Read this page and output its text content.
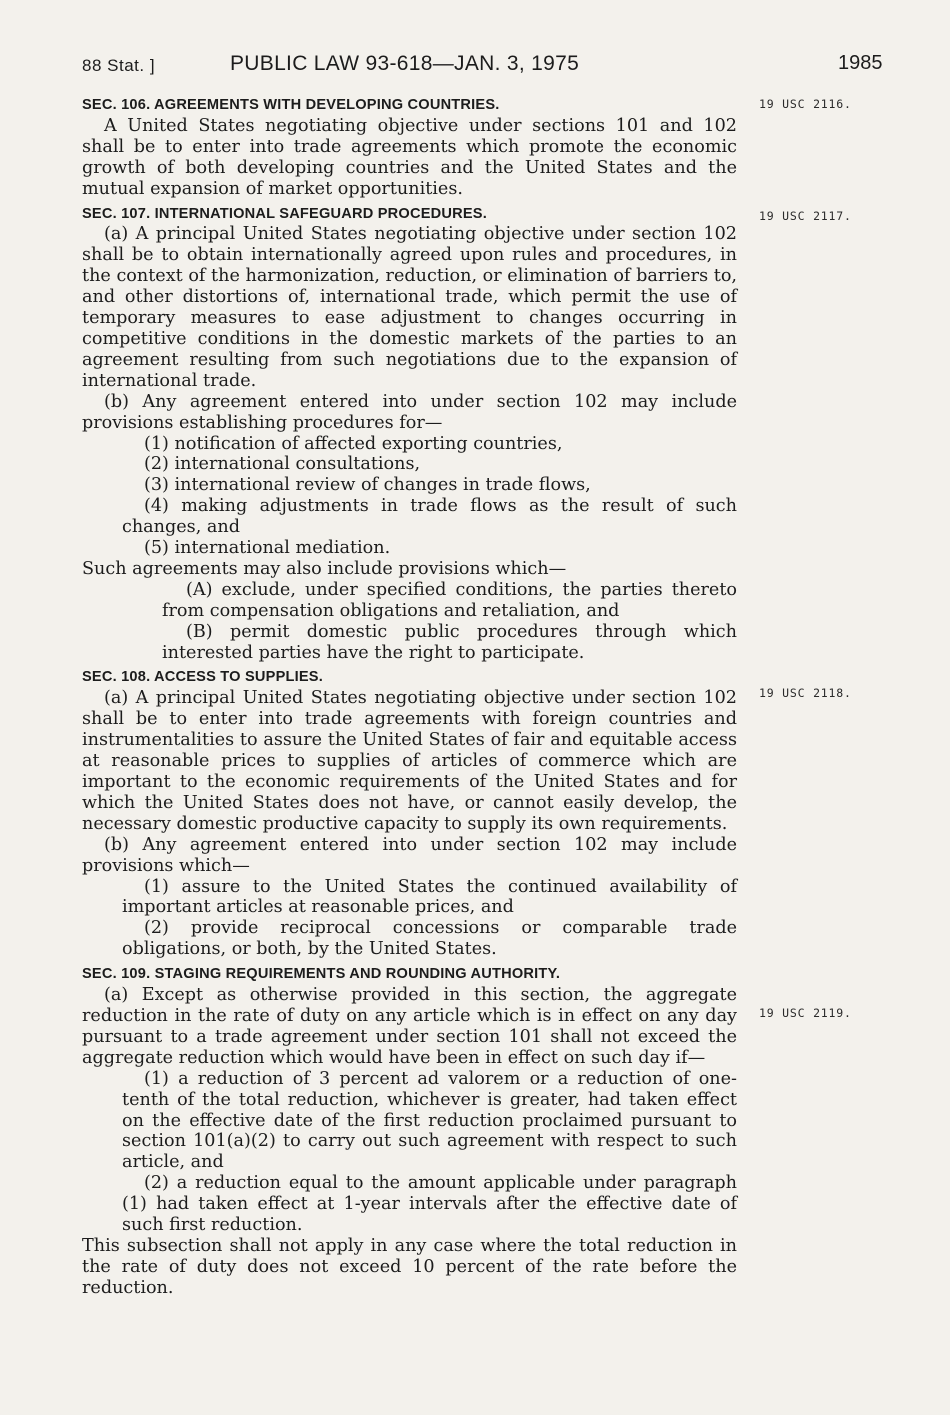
88 Stat. ]	PUBLIC LAW 93-618—JAN. 3, 1975	1985
19 USC 2116.
19 USC 2117.
19 USC 2118.
19 USC 2119.
SEC. 106. AGREEMENTS WITH DEVELOPING COUNTRIES.
A United States negotiating objective under sections 101 and 102 shall be to enter into trade agreements which promote the economic growth of both developing countries and the United States and the mutual expansion of market opportunities.
SEC. 107. INTERNATIONAL SAFEGUARD PROCEDURES.
(a) A principal United States negotiating objective under section 102 shall be to obtain internationally agreed upon rules and procedures, in the context of the harmonization, reduction, or elimination of barriers to, and other distortions of, international trade, which permit the use of temporary measures to ease adjustment to changes occurring in competitive conditions in the domestic markets of the parties to an agreement resulting from such negotiations due to the expansion of international trade.
(b) Any agreement entered into under section 102 may include provisions establishing procedures for—
(1) notification of affected exporting countries,
(2) international consultations,
(3) international review of changes in trade flows,
(4) making adjustments in trade flows as the result of such changes, and
(5) international mediation.
Such agreements may also include provisions which—
(A) exclude, under specified conditions, the parties thereto from compensation obligations and retaliation, and
(B) permit domestic public procedures through which interested parties have the right to participate.
SEC. 108. ACCESS TO SUPPLIES.
(a) A principal United States negotiating objective under section 102 shall be to enter into trade agreements with foreign countries and instrumentalities to assure the United States of fair and equitable access at reasonable prices to supplies of articles of commerce which are important to the economic requirements of the United States and for which the United States does not have, or cannot easily develop, the necessary domestic productive capacity to supply its own requirements.
(b) Any agreement entered into under section 102 may include provisions which—
(1) assure to the United States the continued availability of important articles at reasonable prices, and
(2) provide reciprocal concessions or comparable trade obligations, or both, by the United States.
SEC. 109. STAGING REQUIREMENTS AND ROUNDING AUTHORITY.
(a) Except as otherwise provided in this section, the aggregate reduction in the rate of duty on any article which is in effect on any day pursuant to a trade agreement under section 101 shall not exceed the aggregate reduction which would have been in effect on such day if—
(1) a reduction of 3 percent ad valorem or a reduction of one-tenth of the total reduction, whichever is greater, had taken effect on the effective date of the first reduction proclaimed pursuant to section 101(a)(2) to carry out such agreement with respect to such article, and
(2) a reduction equal to the amount applicable under paragraph (1) had taken effect at 1-year intervals after the effective date of such first reduction.
This subsection shall not apply in any case where the total reduction in the rate of duty does not exceed 10 percent of the rate before the reduction.
